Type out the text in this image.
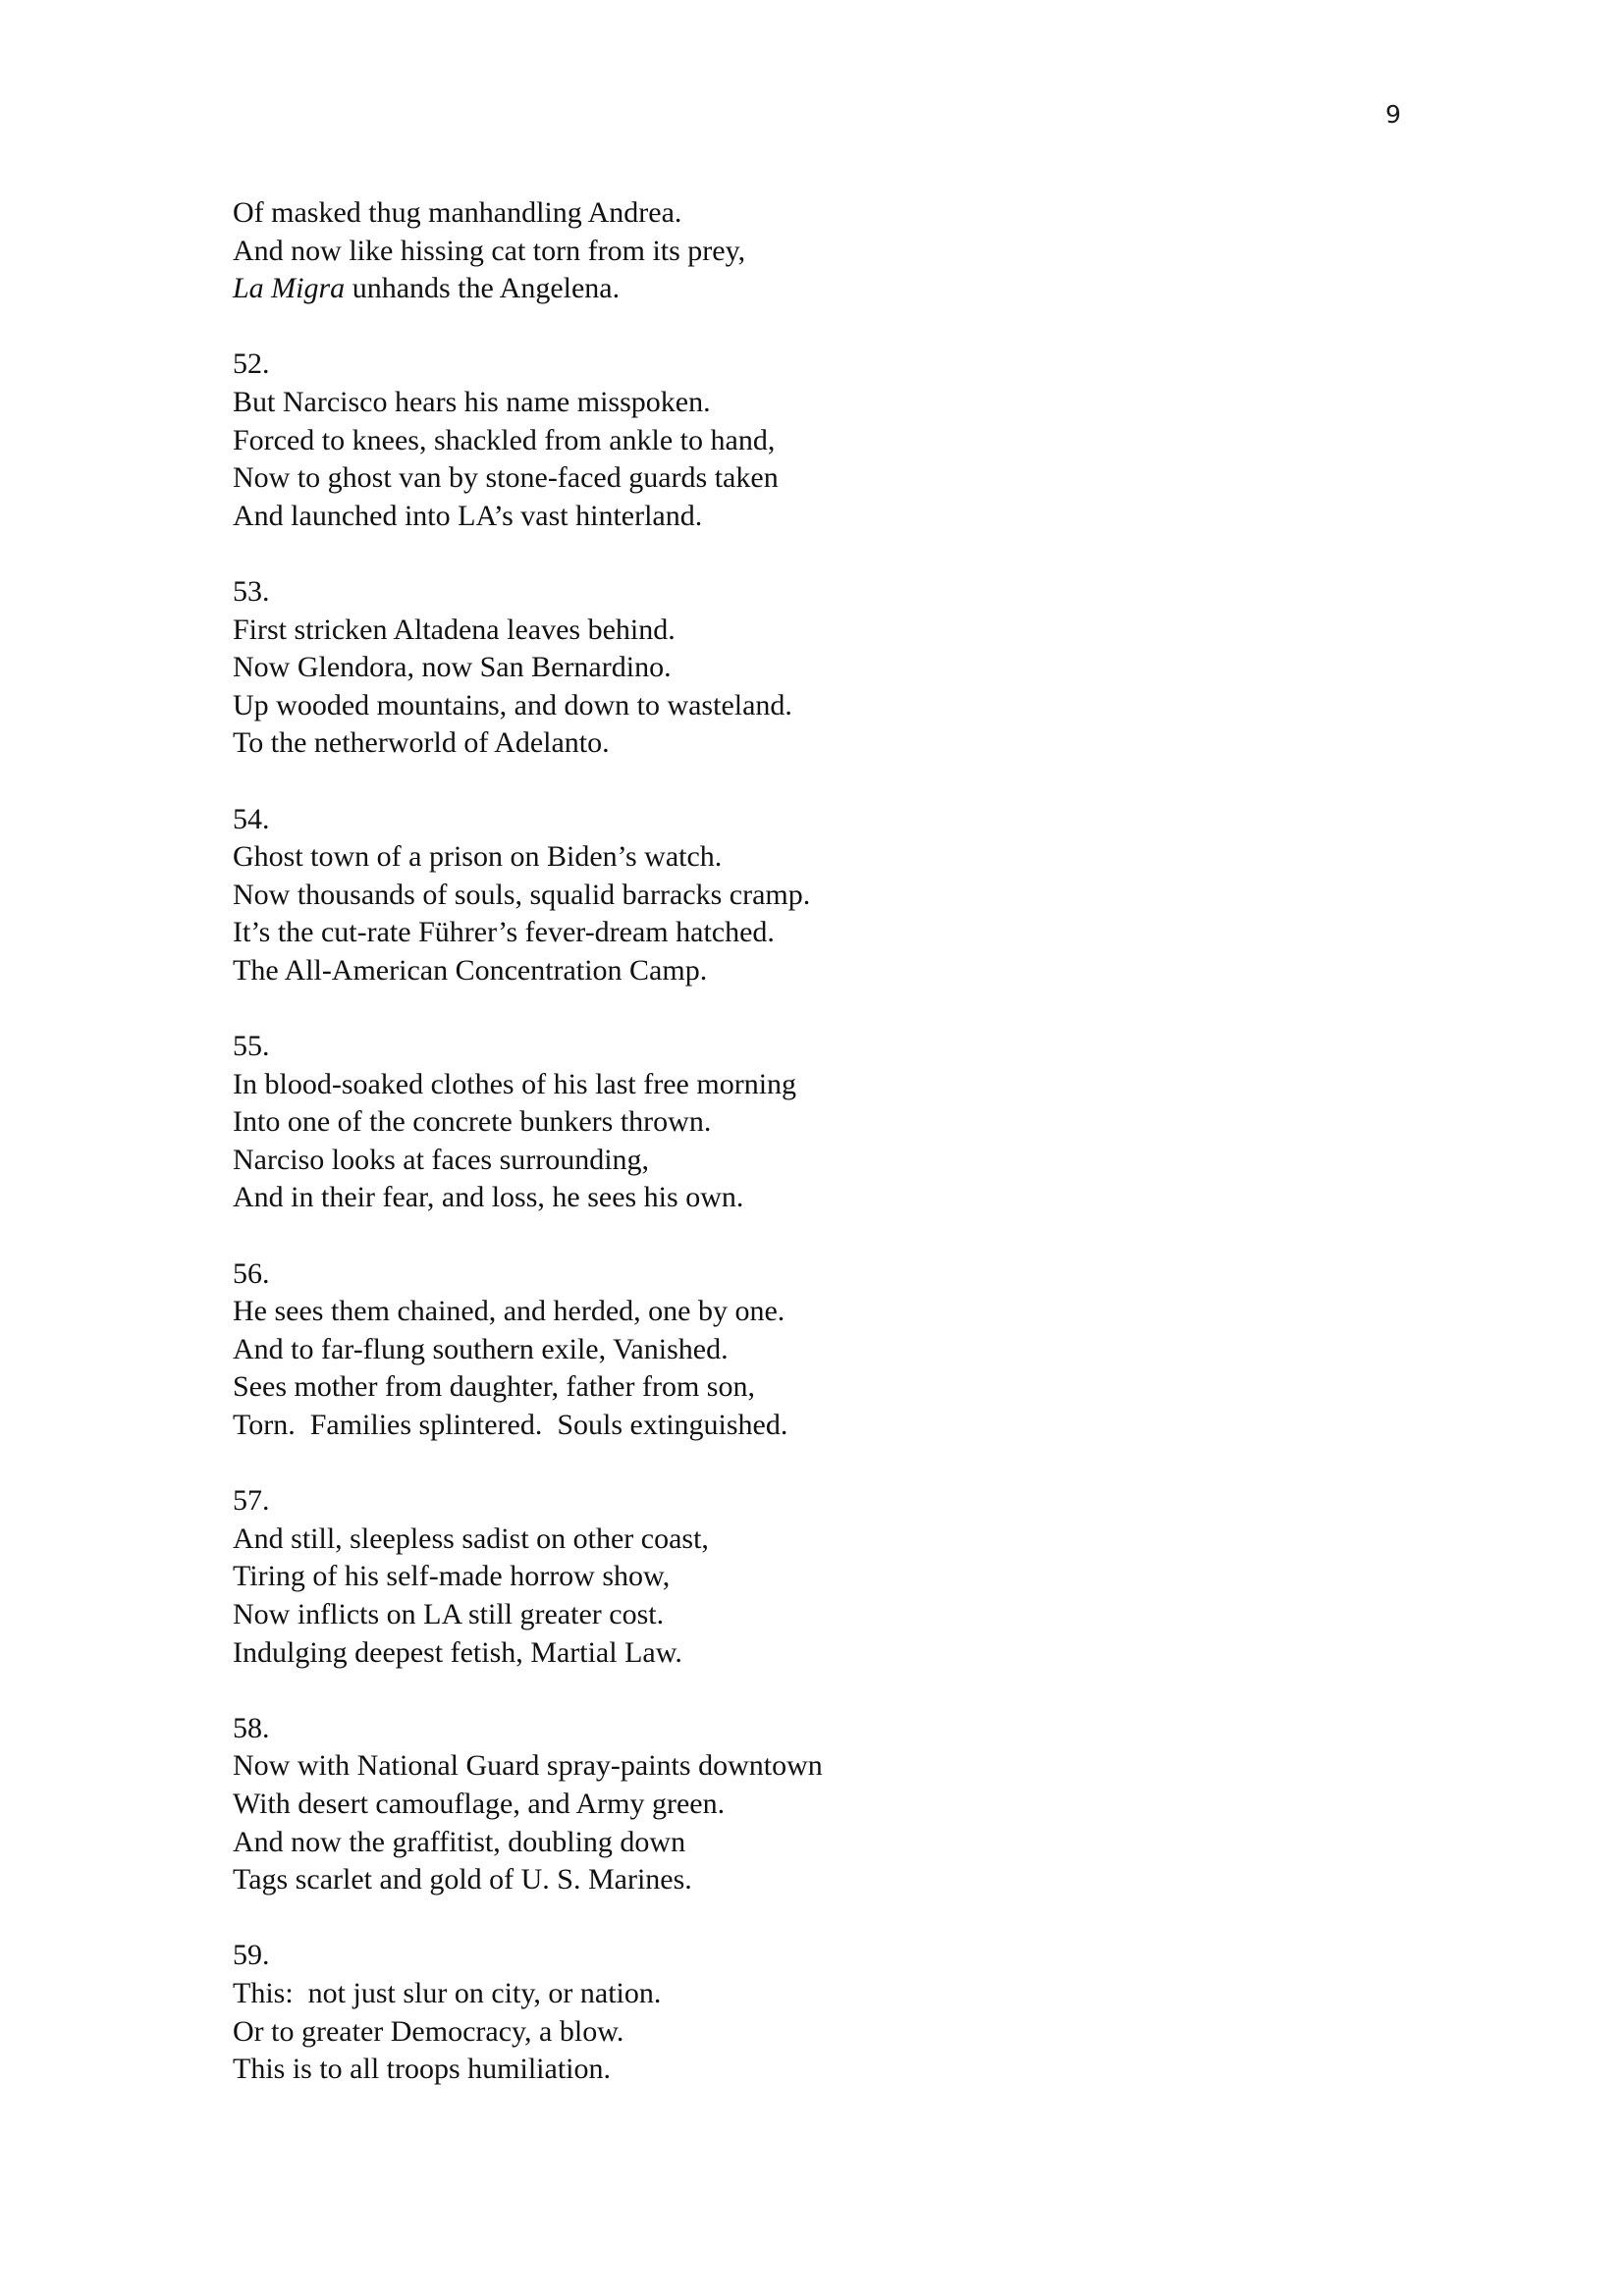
9
Of masked thug manhandling Andrea.
And now like hissing cat torn from its prey,
La Migra unhands the Angelena.
52.
But Narcisco hears his name misspoken.
Forced to knees, shackled from ankle to hand,
Now to ghost van by stone-faced guards taken
And launched into LA’s vast hinterland.
53.
First stricken Altadena leaves behind.
Now Glendora, now San Bernardino.
Up wooded mountains, and down to wasteland.
To the netherworld of Adelanto.
54.
Ghost town of a prison on Biden’s watch.
Now thousands of souls, squalid barracks cramp.
It’s the cut-rate Führer’s fever-dream hatched.
The All-American Concentration Camp.
55.
In blood-soaked clothes of his last free morning
Into one of the concrete bunkers thrown.
Narciso looks at faces surrounding,
And in their fear, and loss, he sees his own.
56.
He sees them chained, and herded, one by one.
And to far-flung southern exile, Vanished.
Sees mother from daughter, father from son,
Torn.  Families splintered.  Souls extinguished.
57.
And still, sleepless sadist on other coast,
Tiring of his self-made horrow show,
Now inflicts on LA still greater cost.
Indulging deepest fetish, Martial Law.
58.
Now with National Guard spray-paints downtown
With desert camouflage, and Army green.
And now the graffitist, doubling down
Tags scarlet and gold of U. S. Marines.
59.
This:  not just slur on city, or nation.
Or to greater Democracy, a blow.
This is to all troops humiliation.
